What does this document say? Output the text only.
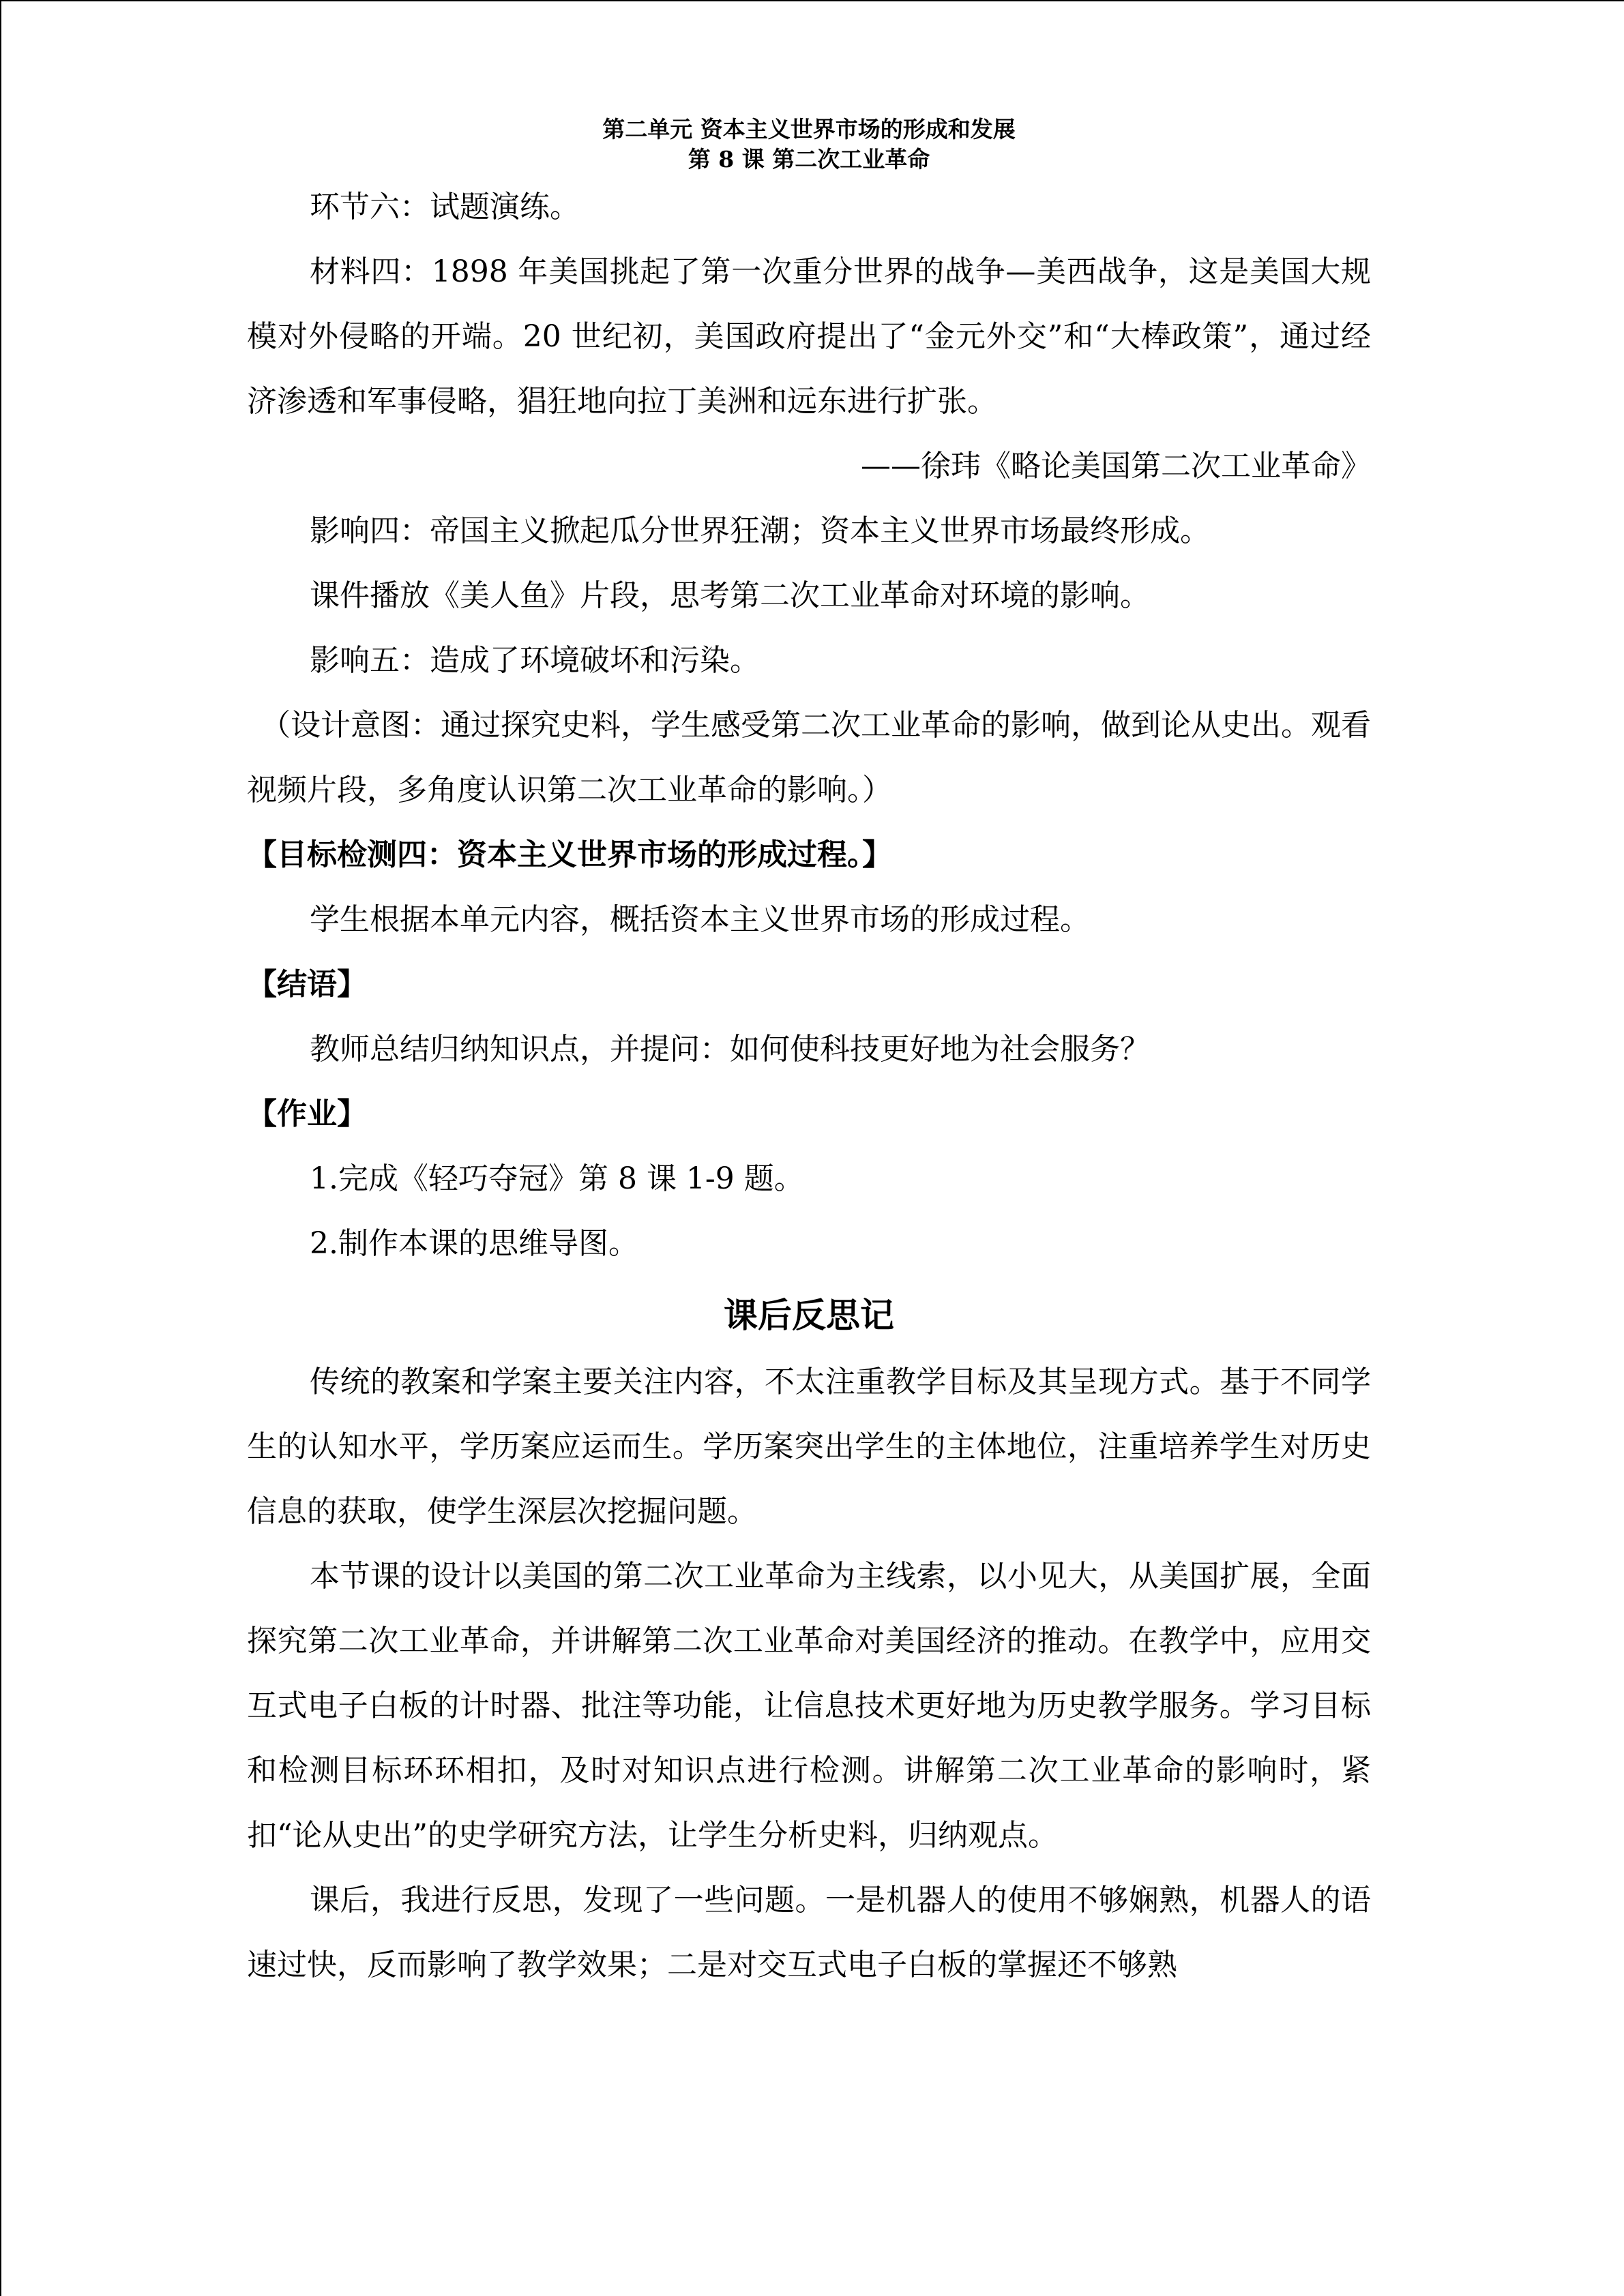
第二单元 资本主义世界市场的形成和发展
第 8 课 第二次工业革命

环节六：试题演练。

材料四：1898 年美国挑起了第一次重分世界的战争—美西战争，这是美国大规模对外侵略的开端。20 世纪初，美国政府提出了“金元外交”和“大棒政策”，通过经济渗透和军事侵略，猖狂地向拉丁美洲和远东进行扩张。

——徐玮《略论美国第二次工业革命》

影响四：帝国主义掀起瓜分世界狂潮；资本主义世界市场最终形成。

课件播放《美人鱼》片段，思考第二次工业革命对环境的影响。

影响五：造成了环境破坏和污染。

（设计意图：通过探究史料，学生感受第二次工业革命的影响，做到论从史出。观看视频片段，多角度认识第二次工业革命的影响。）

【目标检测四：资本主义世界市场的形成过程。】

学生根据本单元内容，概括资本主义世界市场的形成过程。

【结语】

教师总结归纳知识点，并提问：如何使科技更好地为社会服务？

【作业】

1.完成《轻巧夺冠》第 8 课 1-9 题。

2.制作本课的思维导图。

课后反思记

传统的教案和学案主要关注内容，不太注重教学目标及其呈现方式。基于不同学生的认知水平，学历案应运而生。学历案突出学生的主体地位，注重培养学生对历史信息的获取，使学生深层次挖掘问题。

本节课的设计以美国的第二次工业革命为主线索，以小见大，从美国扩展，全面探究第二次工业革命，并讲解第二次工业革命对美国经济的推动。在教学中，应用交互式电子白板的计时器、批注等功能，让信息技术更好地为历史教学服务。学习目标和检测目标环环相扣，及时对知识点进行检测。讲解第二次工业革命的影响时，紧扣“论从史出”的史学研究方法，让学生分析史料，归纳观点。

课后，我进行反思，发现了一些问题。一是机器人的使用不够娴熟，机器人的语速过快，反而影响了教学效果；二是对交互式电子白板的掌握还不够熟
